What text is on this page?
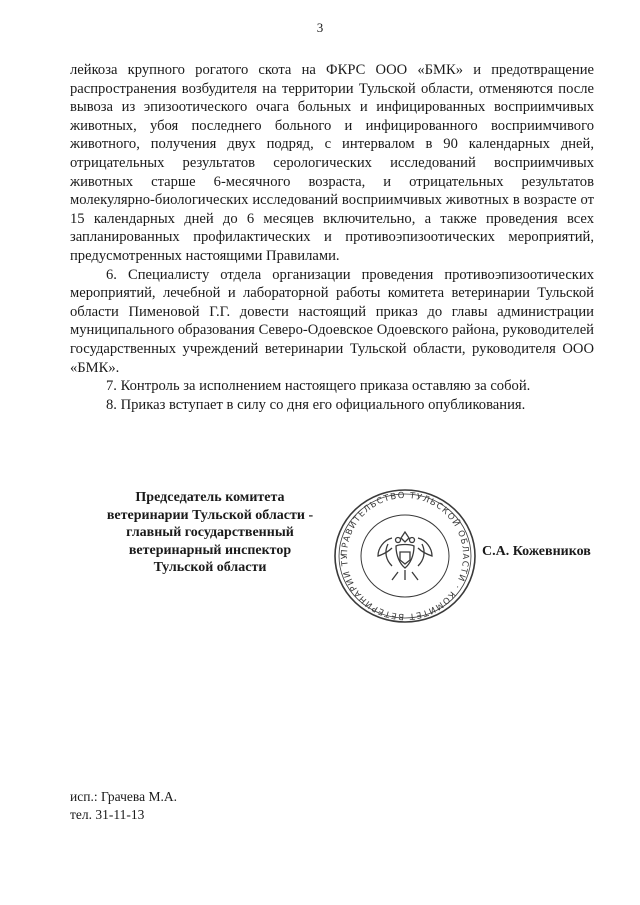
3

лейкоза крупного рогатого скота на ФКРС ООО «БМК» и предотвращение распространения возбудителя на территории Тульской области, отменяются после вывоза из эпизоотического очага больных и инфицированных восприимчивых животных, убоя последнего больного и инфицированного восприимчивого животного, получения двух подряд, с интервалом в 90 календарных дней, отрицательных результатов серологических исследований восприимчивых животных старше 6-месячного возраста, и отрицательных результатов молекулярно-биологических исследований восприимчивых животных в возрасте от 15 календарных дней до 6 месяцев включительно, а также проведения всех запланированных профилактических и противоэпизоотических мероприятий, предусмотренных настоящими Правилами.

6. Специалисту отдела организации проведения противоэпизоотических мероприятий, лечебной и лабораторной работы комитета ветеринарии Тульской области Пименовой Г.Г. довести настоящий приказ до главы администрации муниципального образования Северо-Одоевское Одоевского района, руководителей государственных учреждений ветеринарии Тульской области, руководителя ООО «БМК».

7. Контроль за исполнением настоящего приказа оставляю за собой.

8. Приказ вступает в силу со дня его официального опубликования.

Председатель комитета
ветеринарии Тульской области -
главный государственный
ветеринарный инспектор
Тульской области
ПРАВИТЕЛЬСТВО ТУЛЬСКОЙ ОБЛАСТИ · КОМИТЕТ ВЕТЕРИНАРИИ ТУ	С.А. Кожевников
исп.: Грачева М.А.
тел. 31-11-13
